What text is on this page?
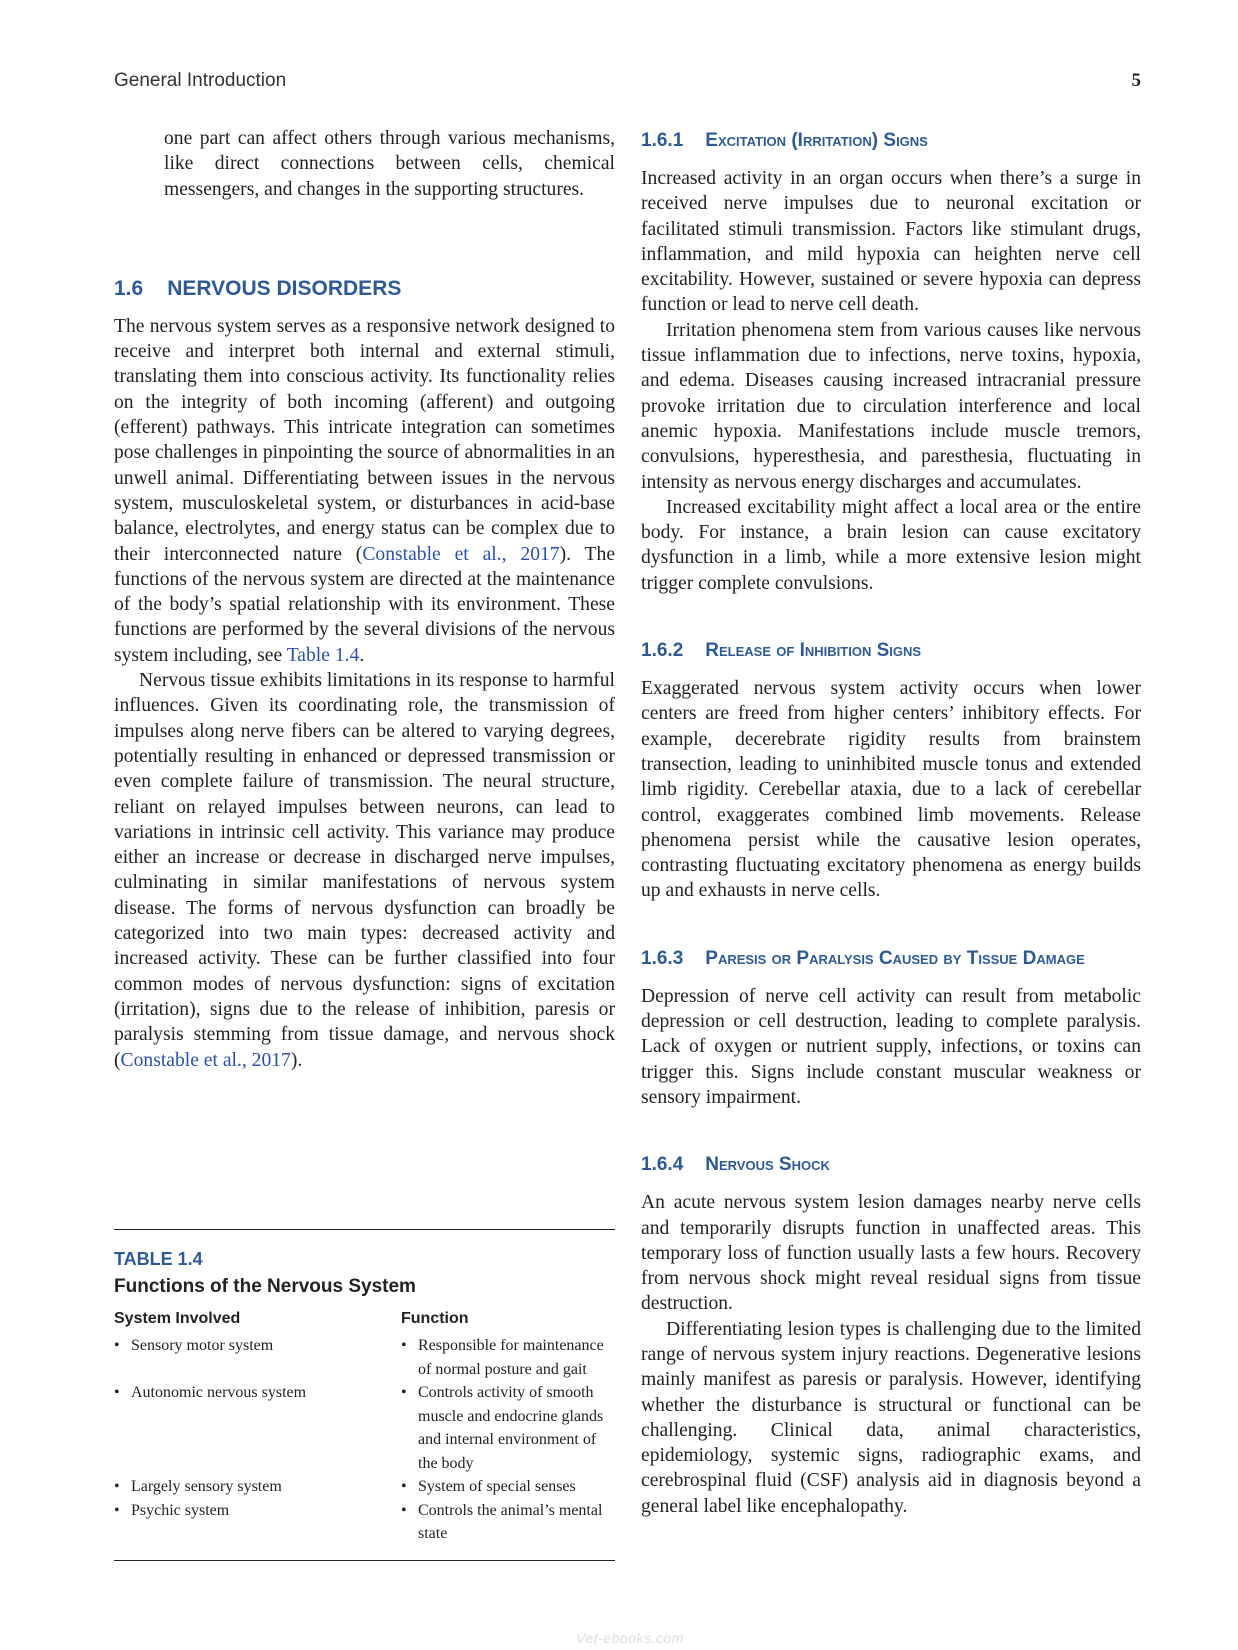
General Introduction	5

one part can affect others through various mechanisms, like direct connections between cells, chemical messengers, and changes in the supporting structures.

1.6 NERVOUS DISORDERS

The nervous system serves as a responsive network designed to receive and interpret both internal and external stimuli, translating them into conscious activity. Its functionality relies on the integrity of both incoming (afferent) and outgoing (efferent) pathways. This intricate integration can sometimes pose challenges in pinpointing the source of abnormalities in an unwell animal. Differentiating between issues in the nervous system, musculoskeletal system, or disturbances in acid-base balance, electrolytes, and energy status can be complex due to their interconnected nature (Constable et al., 2017). The functions of the nervous system are directed at the maintenance of the body’s spatial relationship with its environment. These functions are performed by the several divisions of the nervous system including, see Table 1.4.

Nervous tissue exhibits limitations in its response to harmful influences. Given its coordinating role, the transmission of impulses along nerve fibers can be altered to varying degrees, potentially resulting in enhanced or depressed transmission or even complete failure of transmission. The neural structure, reliant on relayed impulses between neurons, can lead to variations in intrinsic cell activity. This variance may produce either an increase or decrease in discharged nerve impulses, culminating in similar manifestations of nervous system disease. The forms of nervous dysfunction can broadly be categorized into two main types: decreased activity and increased activity. These can be further classified into four common modes of nervous dysfunction: signs of excitation (irritation), signs due to the release of inhibition, paresis or paralysis stemming from tissue damage, and nervous shock (Constable et al., 2017).

TABLE 1.4
Functions of the Nervous System
System Involved	Function

• Sensory motor system	• Responsible for maintenance of normal posture and gait

• Autonomic nervous system	• Controls activity of smooth muscle and endocrine glands and internal environment of the body

• Largely sensory system	• System of special senses

• Psychic system	• Controls the animal’s mental state
1.6.1 Excitation (Irritation) Signs

Increased activity in an organ occurs when there’s a surge in received nerve impulses due to neuronal excitation or facilitated stimuli transmission. Factors like stimulant drugs, inflammation, and mild hypoxia can heighten nerve cell excitability. However, sustained or severe hypoxia can depress function or lead to nerve cell death.

Irritation phenomena stem from various causes like nervous tissue inflammation due to infections, nerve toxins, hypoxia, and edema. Diseases causing increased intracranial pressure provoke irritation due to circulation interference and local anemic hypoxia. Manifestations include muscle tremors, convulsions, hyperesthesia, and paresthesia, fluctuating in intensity as nervous energy discharges and accumulates.

Increased excitability might affect a local area or the entire body. For instance, a brain lesion can cause excitatory dysfunction in a limb, while a more extensive lesion might trigger complete convulsions.

1.6.2 Release of Inhibition Signs

Exaggerated nervous system activity occurs when lower centers are freed from higher centers’ inhibitory effects. For example, decerebrate rigidity results from brainstem transection, leading to uninhibited muscle tonus and extended limb rigidity. Cerebellar ataxia, due to a lack of cerebellar control, exaggerates combined limb movements. Release phenomena persist while the causative lesion operates, contrasting fluctuating excitatory phenomena as energy builds up and exhausts in nerve cells.

1.6.3 Paresis or Paralysis Caused by Tissue Damage

Depression of nerve cell activity can result from metabolic depression or cell destruction, leading to complete paralysis. Lack of oxygen or nutrient supply, infections, or toxins can trigger this. Signs include constant muscular weakness or sensory impairment.

1.6.4 Nervous Shock

An acute nervous system lesion damages nearby nerve cells and temporarily disrupts function in unaffected areas. This temporary loss of function usually lasts a few hours. Recovery from nervous shock might reveal residual signs from tissue destruction.

Differentiating lesion types is challenging due to the limited range of nervous system injury reactions. Degenerative lesions mainly manifest as paresis or paralysis. However, identifying whether the disturbance is structural or functional can be challenging. Clinical data, animal characteristics, epidemiology, systemic signs, radiographic exams, and cerebrospinal fluid (CSF) analysis aid in diagnosis beyond a general label like encephalopathy.

Vet-ebooks.com
